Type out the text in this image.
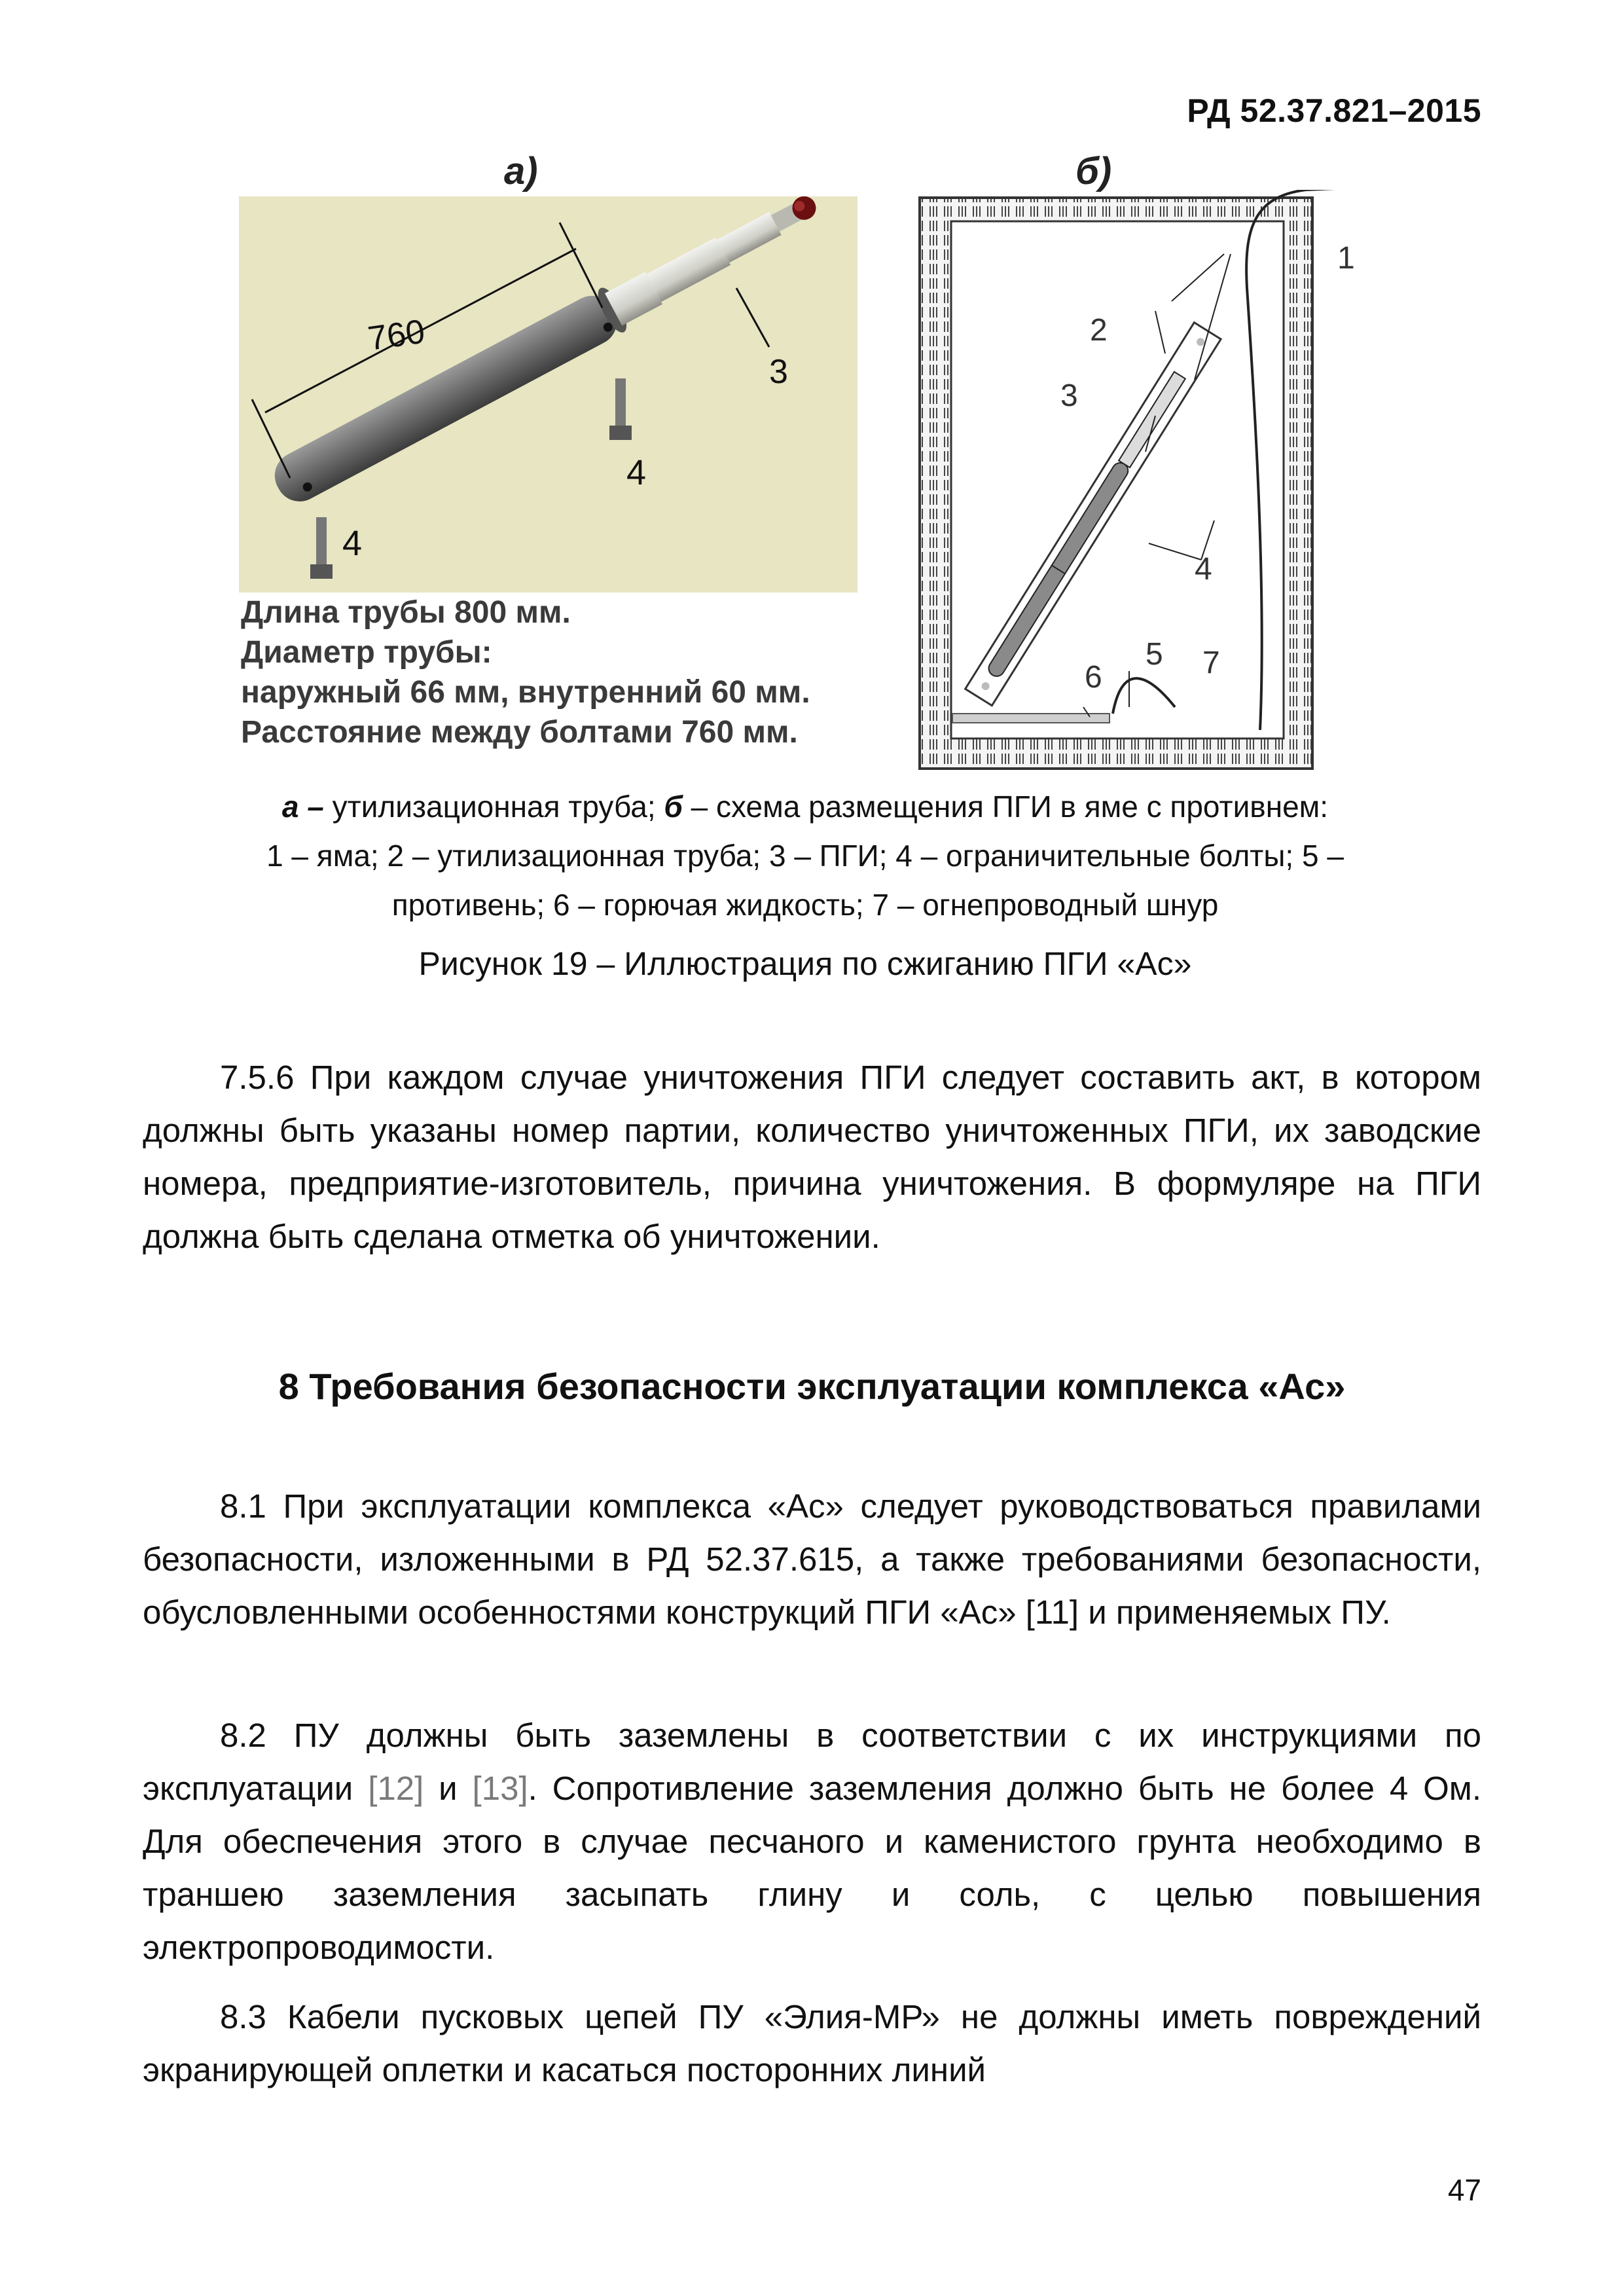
РД 52.37.821–2015
а)	б)
760
3
4
4
Длина трубы 800 мм.
Диаметр трубы:
наружный 66 мм, внутренний 60 мм.
Расстояние между болтами 760 мм.
1
2
3
4
5
6	7
а – утилизационная труба; б – схема размещения ПГИ в яме с противнем:
1 – яма; 2 – утилизационная труба; 3 – ПГИ; 4 – ограничительные болты; 5 –
противень; 6 – горючая жидкость; 7 – огнепроводный шнур
Рисунок 19 – Иллюстрация по сжиганию ПГИ «Ас»
7.5.6 При каждом случае уничтожения ПГИ следует составить акт, в котором должны быть указаны номер партии, количество уничтоженных ПГИ, их заводские номера, предприятие-изготовитель, причина уничтожения. В формуляре на ПГИ должна быть сделана отметка об уничтожении.
8 Требования безопасности эксплуатации комплекса «Ас»
8.1 При эксплуатации комплекса «Ас» следует руководствоваться правилами безопасности, изложенными в РД 52.37.615, а также требованиями безопасности, обусловленными особенностями конструкций ПГИ «Ас» [11] и применяемых ПУ.
8.2 ПУ должны быть заземлены в соответствии с их инструкциями по эксплуатации [12] и [13]. Сопротивление заземления должно быть не более 4 Ом. Для обеспечения этого в случае песчаного и каменистого грунта необходимо в траншею заземления засыпать глину и соль, с целью повышения электропроводимости.
8.3 Кабели пусковых цепей ПУ «Элия-МР» не должны иметь повреждений экранирующей оплетки и касаться посторонних линий
47
